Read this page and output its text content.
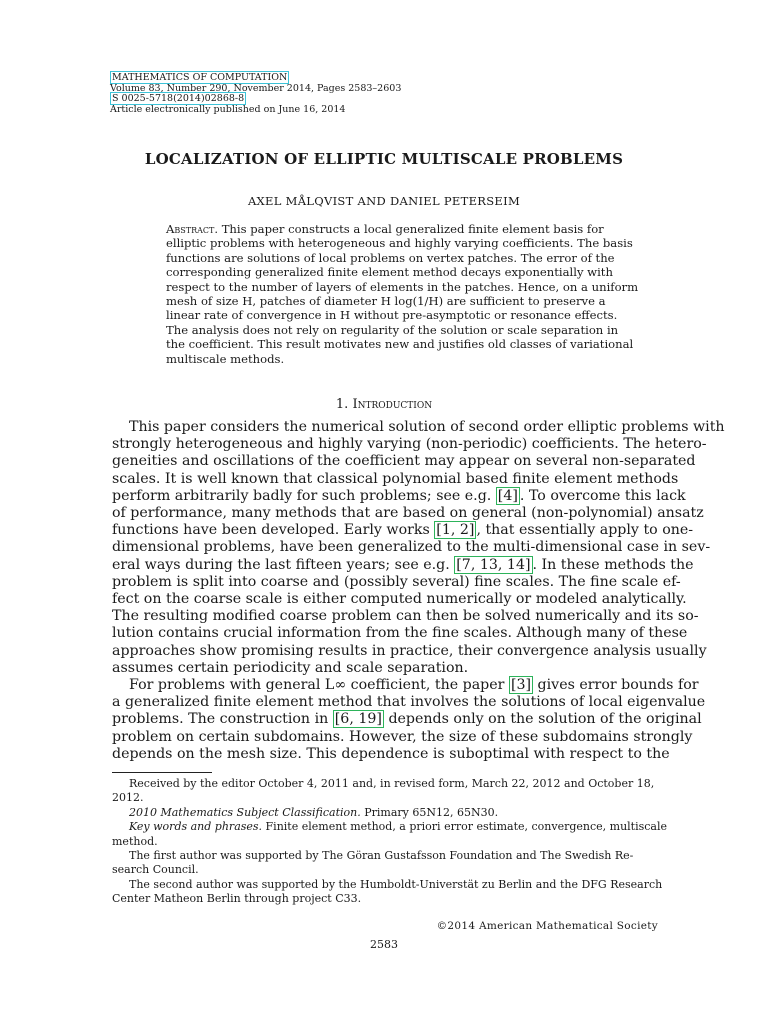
MATHEMATICS OF COMPUTATION
Volume 83, Number 290, November 2014, Pages 2583–2603
S 0025-5718(2014)02868-8
Article electronically published on June 16, 2014
LOCALIZATION OF ELLIPTIC MULTISCALE PROBLEMS
AXEL MÅLQVIST AND DANIEL PETERSEIM
Abstract. This paper constructs a local generalized finite element basis for
elliptic problems with heterogeneous and highly varying coefficients. The basis
functions are solutions of local problems on vertex patches. The error of the
corresponding generalized finite element method decays exponentially with
respect to the number of layers of elements in the patches. Hence, on a uniform
mesh of size H, patches of diameter H log(1/H) are sufficient to preserve a
linear rate of convergence in H without pre-asymptotic or resonance effects.
The analysis does not rely on regularity of the solution or scale separation in
the coefficient. This result motivates new and justifies old classes of variational
multiscale methods.
1. Introduction
This paper considers the numerical solution of second order elliptic problems with
strongly heterogeneous and highly varying (non-periodic) coefficients. The hetero-
geneities and oscillations of the coefficient may appear on several non-separated
scales. It is well known that classical polynomial based finite element methods
perform arbitrarily badly for such problems; see e.g. [4] . To overcome this lack
of performance, many methods that are based on general (non-polynomial) ansatz
functions have been developed. Early works [1, 2] , that essentially apply to one-
dimensional problems, have been generalized to the multi-dimensional case in sev-
eral ways during the last fifteen years; see e.g. [7, 13, 14] . In these methods the
problem is split into coarse and (possibly several) fine scales. The fine scale ef-
fect on the coarse scale is either computed numerically or modeled analytically.
The resulting modified coarse problem can then be solved numerically and its so-
lution contains crucial information from the fine scales. Although many of these
approaches show promising results in practice, their convergence analysis usually
assumes certain periodicity and scale separation.
For problems with general L∞ coefficient, the paper [3] gives error bounds for
a generalized finite element method that involves the solutions of local eigenvalue
problems. The construction in [6, 19] depends only on the solution of the original
problem on certain subdomains. However, the size of these subdomains strongly
depends on the mesh size. This dependence is suboptimal with respect to the
Received by the editor October 4, 2011 and, in revised form, March 22, 2012 and October 18,
2012.
2010 Mathematics Subject Classification. Primary 65N12, 65N30.
Key words and phrases. Finite element method, a priori error estimate, convergence, multiscale
method.
The first author was supported by The Göran Gustafsson Foundation and The Swedish Re-
search Council.
The second author was supported by the Humboldt-Universtät zu Berlin and the DFG Research
Center Matheon Berlin through project C33.
©2014 American Mathematical Society
2583
